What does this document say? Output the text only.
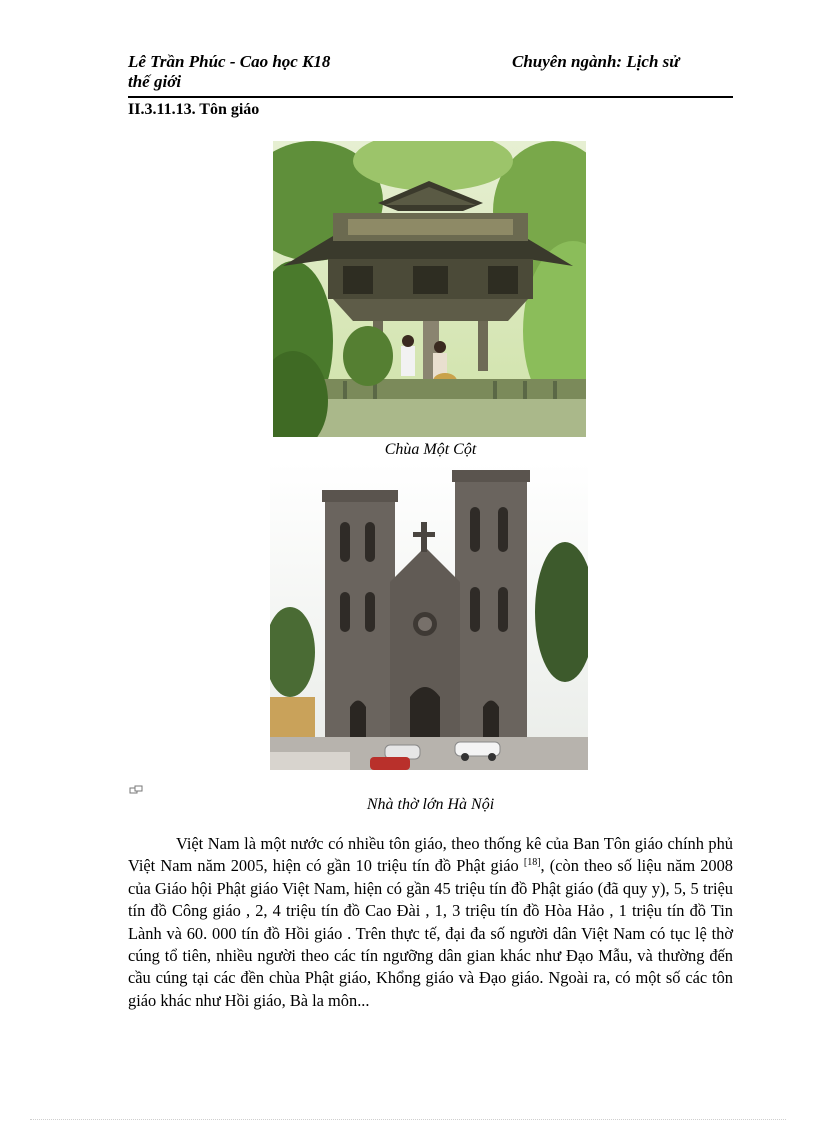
Lê Trần Phúc - Cao học K18
thế giới
Chuyên ngành: Lịch sử
II.3.11.13. Tôn giáo
Chùa Một Cột
Nhà thờ lớn Hà Nội
Việt Nam là một nước có nhiều tôn giáo, theo thống kê của Ban Tôn giáo chính phủ Việt Nam năm 2005, hiện có gần 10 triệu tín đồ Phật giáo [18], (còn theo số liệu năm 2008 của Giáo hội Phật giáo Việt Nam, hiện có gần 45 triệu tín đồ Phật giáo (đã quy y), 5, 5 triệu tín đồ Công giáo , 2, 4 triệu tín đồ Cao Đài , 1, 3 triệu tín đồ Hòa Hảo , 1 triệu tín đồ Tin Lành và 60. 000 tín đồ Hồi giáo . Trên thực tế, đại đa số người dân Việt Nam có tục lệ thờ cúng tổ tiên, nhiều người theo các tín ngưỡng dân gian khác như Đạo Mẫu, và thường đến cầu cúng tại các đền chùa Phật giáo, Khổng giáo và Đạo giáo. Ngoài ra, có một số các tôn giáo khác như Hồi giáo, Bà la môn...
